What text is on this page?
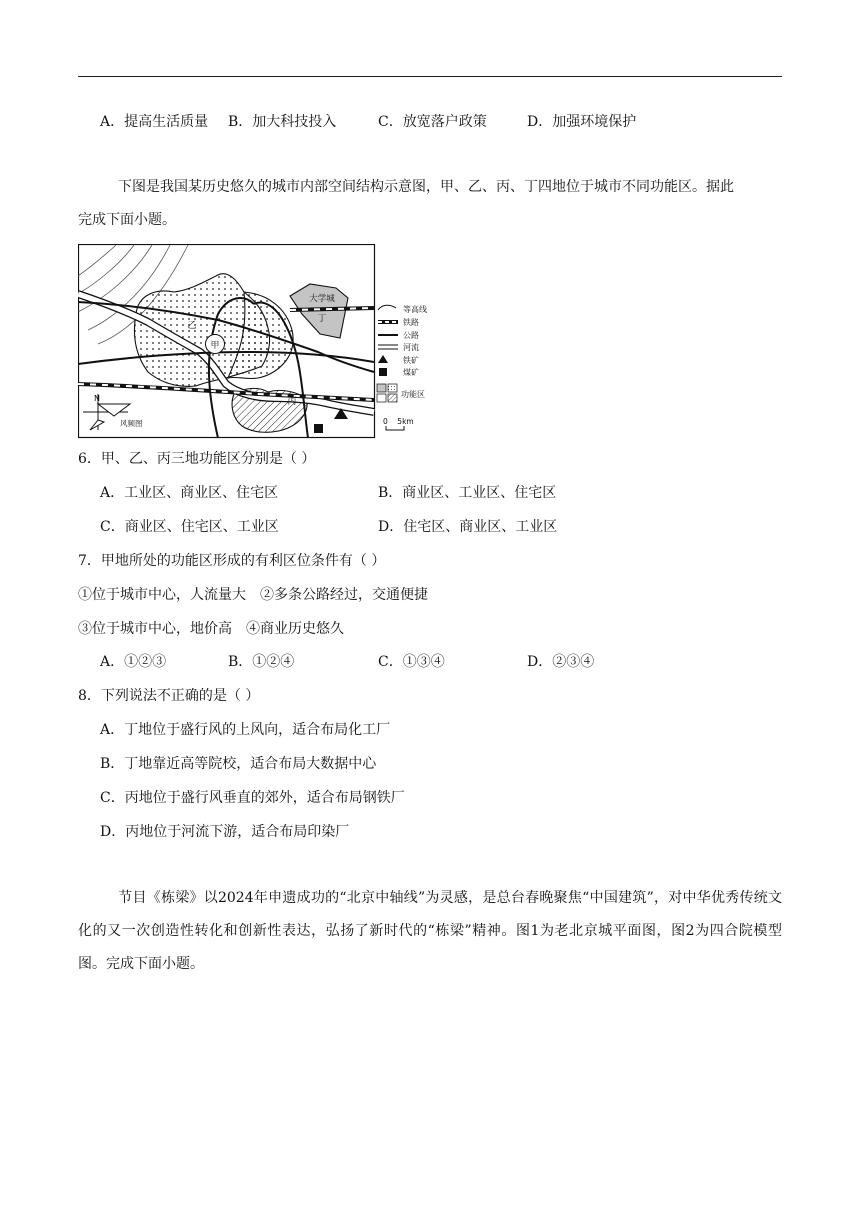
A．提高生活质量 B．加大科技投入	C．放宽落户政策	D．加强环境保护
下图是我国某历史悠久的城市内部空间结构示意图，甲、乙、丙、丁四地位于城市不同功能区。据此
完成下面小题。
甲
乙
丙
大学城
丁
N
风频图
等高线
铁路
公路
河流
铁矿
煤矿
功能区
0    5km
6．甲、乙、丙三地功能区分别是（ ）
A．工业区、商业区、住宅区	B．商业区、工业区、住宅区
C．商业区、住宅区、工业区	D．住宅区、商业区、工业区
7．甲地所处的功能区形成的有利区位条件有（ ）
①位于城市中心，人流量大　②多条公路经过，交通便捷
③位于城市中心，地价高　④商业历史悠久
A．①②③	B．①②④	C．①③④	D．②③④
8．下列说法不正确的是（ ）
A．丁地位于盛行风的上风向，适合布局化工厂
B．丁地靠近高等院校，适合布局大数据中心
C．丙地位于盛行风垂直的郊外，适合布局钢铁厂
D．丙地位于河流下游，适合布局印染厂
节目《栋梁》以2024年申遗成功的“北京中轴线”为灵感，是总台春晚聚焦“中国建筑”，对中华优秀传统文化的又一次创造性转化和创新性表达，弘扬了新时代的“栋梁”精神。图1为老北京城平面图，图2为四合院模型图。完成下面小题。
